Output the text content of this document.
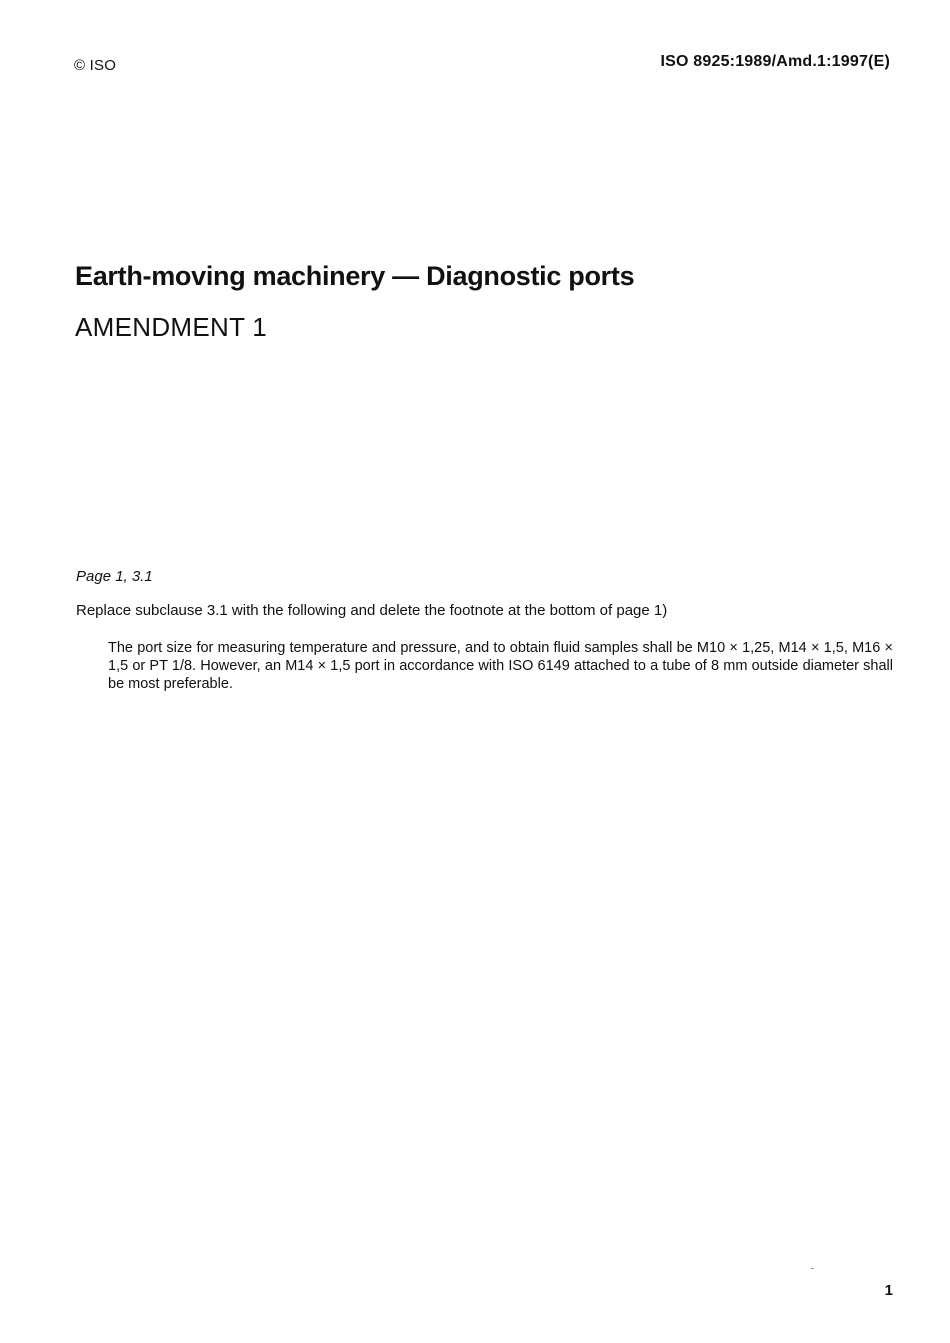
© ISO	ISO 8925:1989/Amd.1:1997(E)
Earth-moving machinery — Diagnostic ports
AMENDMENT 1
Page 1, 3.1
Replace subclause 3.1 with the following and delete the footnote at the bottom of page 1)
The port size for measuring temperature and pressure, and to obtain fluid samples shall be M10 × 1,25, M14 × 1,5, M16 × 1,5 or PT 1/8. However, an M14 × 1,5 port in accordance with ISO 6149 attached to a tube of 8 mm outside diameter shall be most preferable.
1
